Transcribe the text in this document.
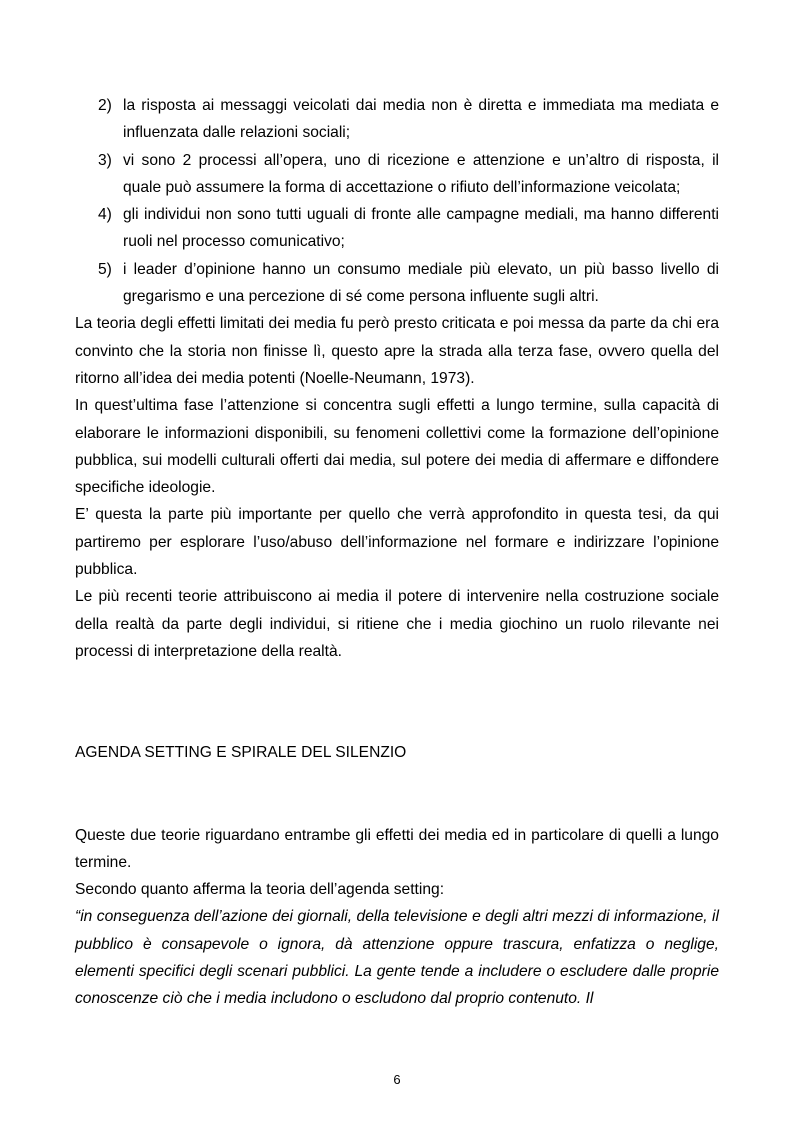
2) la risposta ai messaggi veicolati dai media non è diretta e immediata ma mediata e influenzata dalle relazioni sociali;
3) vi sono 2 processi all’opera, uno di ricezione e attenzione e un’altro di risposta, il quale può assumere la forma di accettazione o rifiuto dell’informazione veicolata;
4) gli individui non sono tutti uguali di fronte alle campagne mediali, ma hanno differenti ruoli nel processo comunicativo;
5) i leader d’opinione hanno un consumo mediale più elevato, un più basso livello di gregarismo e una percezione di sé come persona influente sugli altri.

La teoria degli effetti limitati dei media fu però presto criticata e poi messa da parte da chi era convinto che la storia non finisse lì, questo apre la strada alla terza fase, ovvero quella del ritorno all’idea dei media potenti (Noelle-Neumann, 1973).

In quest’ultima fase l’attenzione si concentra sugli effetti a lungo termine, sulla capacità di elaborare le informazioni disponibili, su fenomeni collettivi come la formazione dell’opinione pubblica, sui modelli culturali offerti dai media, sul potere dei media di affermare e diffondere specifiche ideologie.

E’ questa la parte più importante per quello che verrà approfondito in questa tesi, da qui partiremo per esplorare l’uso/abuso dell’informazione nel formare e indirizzare l’opinione pubblica.

Le più recenti teorie attribuiscono ai media il potere di intervenire nella costruzione sociale della realtà da parte degli individui, si ritiene che i media giochino un ruolo rilevante nei processi di interpretazione della realtà.

AGENDA SETTING E SPIRALE DEL SILENZIO

Queste due teorie riguardano entrambe gli effetti dei media ed in particolare di quelli a lungo termine.

Secondo quanto afferma la teoria dell’agenda setting:

“in conseguenza dell’azione dei giornali, della televisione e degli altri mezzi di informazione, il pubblico è consapevole o ignora, dà attenzione oppure trascura, enfatizza o neglige, elementi specifici degli scenari pubblici. La gente tende a includere o escludere dalle proprie conoscenze ciò che i media includono o escludono dal proprio contenuto. Il

6
